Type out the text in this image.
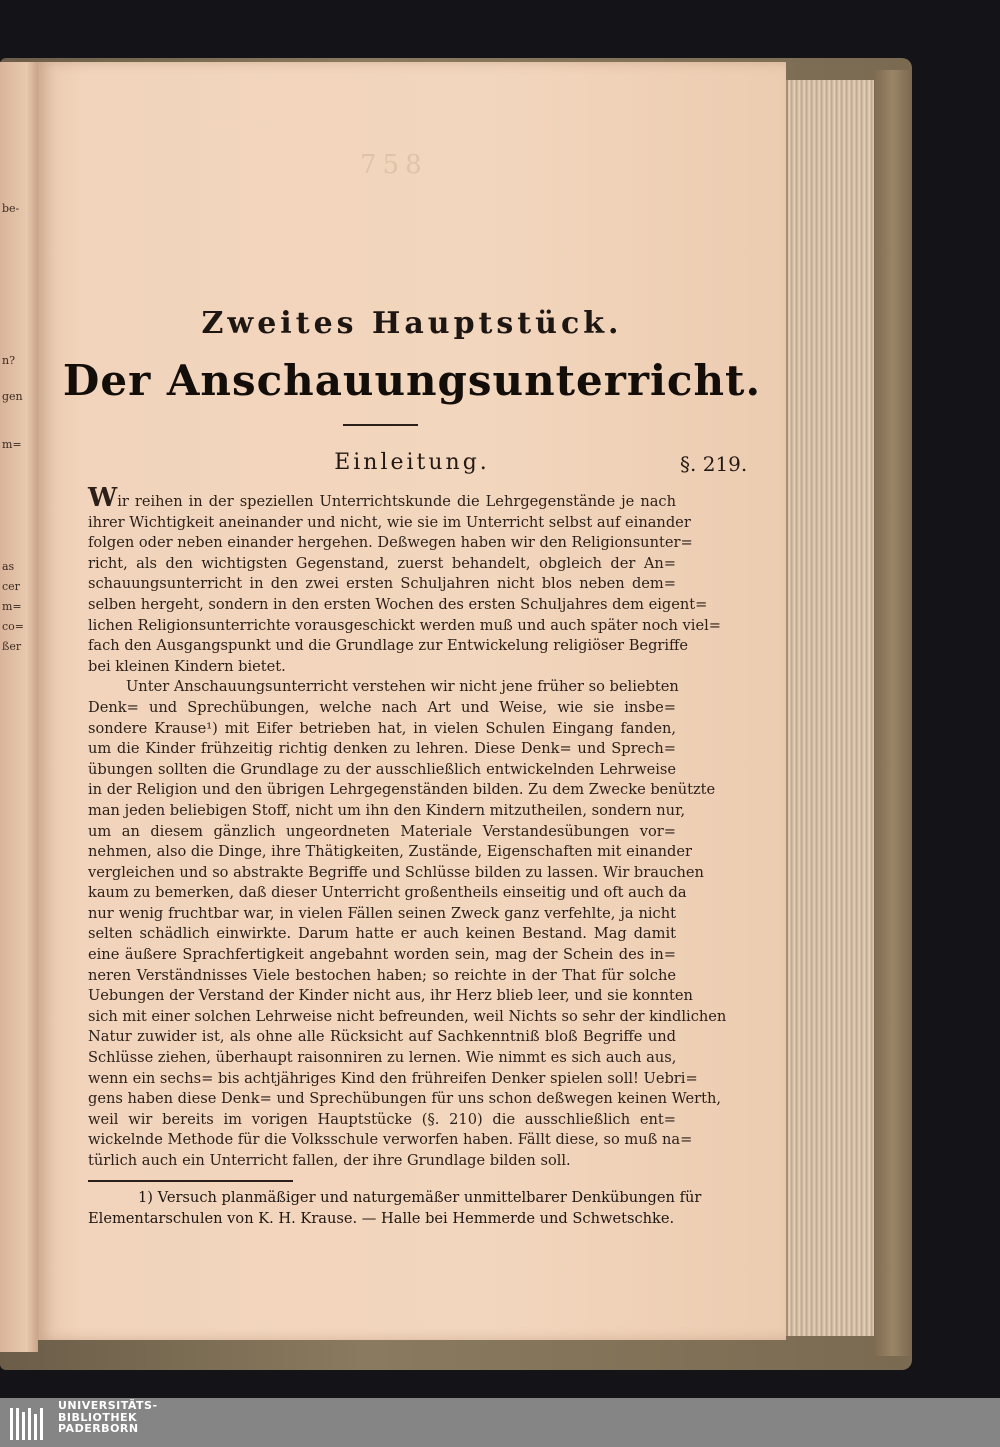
be-
n?
gen
m=
as
cer
m=
co=
ßer
758
Zweites Hauptstück.
Der Anschauungsunterricht.
Einleitung.	§. 219.
Wir reihen in der speziellen Unterrichtskunde die Lehrgegenstände je nach
ihrer Wichtigkeit aneinander und nicht, wie sie im Unterricht selbst auf einander
folgen oder neben einander hergehen. Deßwegen haben wir den Religionsunter=
richt, als den wichtigsten Gegenstand, zuerst behandelt, obgleich der An=
schauungsunterricht in den zwei ersten Schuljahren nicht blos neben dem=
selben hergeht, sondern in den ersten Wochen des ersten Schuljahres dem eigent=
lichen Religionsunterrichte vorausgeschickt werden muß und auch später noch viel=
fach den Ausgangspunkt und die Grundlage zur Entwickelung religiöser Begriffe
bei kleinen Kindern bietet.
Unter Anschauungsunterricht verstehen wir nicht jene früher so beliebten
Denk= und Sprechübungen, welche nach Art und Weise, wie sie insbe=
sondere Krause¹) mit Eifer betrieben hat, in vielen Schulen Eingang fanden,
um die Kinder frühzeitig richtig denken zu lehren. Diese Denk= und Sprech=
übungen sollten die Grundlage zu der ausschließlich entwickelnden Lehrweise
in der Religion und den übrigen Lehrgegenständen bilden. Zu dem Zwecke benützte
man jeden beliebigen Stoff, nicht um ihn den Kindern mitzutheilen, sondern nur,
um an diesem gänzlich ungeordneten Materiale Verstandesübungen vor=
nehmen, also die Dinge, ihre Thätigkeiten, Zustände, Eigenschaften mit einander
vergleichen und so abstrakte Begriffe und Schlüsse bilden zu lassen. Wir brauchen
kaum zu bemerken, daß dieser Unterricht großentheils einseitig und oft auch da
nur wenig fruchtbar war, in vielen Fällen seinen Zweck ganz verfehlte, ja nicht
selten schädlich einwirkte. Darum hatte er auch keinen Bestand. Mag damit
eine äußere Sprachfertigkeit angebahnt worden sein, mag der Schein des in=
neren Verständnisses Viele bestochen haben; so reichte in der That für solche
Uebungen der Verstand der Kinder nicht aus, ihr Herz blieb leer, und sie konnten
sich mit einer solchen Lehrweise nicht befreunden, weil Nichts so sehr der kindlichen
Natur zuwider ist, als ohne alle Rücksicht auf Sachkenntniß bloß Begriffe und
Schlüsse ziehen, überhaupt raisonniren zu lernen. Wie nimmt es sich auch aus,
wenn ein sechs= bis achtjähriges Kind den frühreifen Denker spielen soll! Uebri=
gens haben diese Denk= und Sprechübungen für uns schon deßwegen keinen Werth,
weil wir bereits im vorigen Hauptstücke (§. 210) die ausschließlich ent=
wickelnde Methode für die Volksschule verworfen haben. Fällt diese, so muß na=
türlich auch ein Unterricht fallen, der ihre Grundlage bilden soll.
1) Versuch planmäßiger und naturgemäßer unmittelbarer Denkübungen für
Elementarschulen von K. H. Krause. — Halle bei Hemmerde und Schwetschke.
UNIVERSITÄTS-
BIBLIOTHEK
PADERBORN
